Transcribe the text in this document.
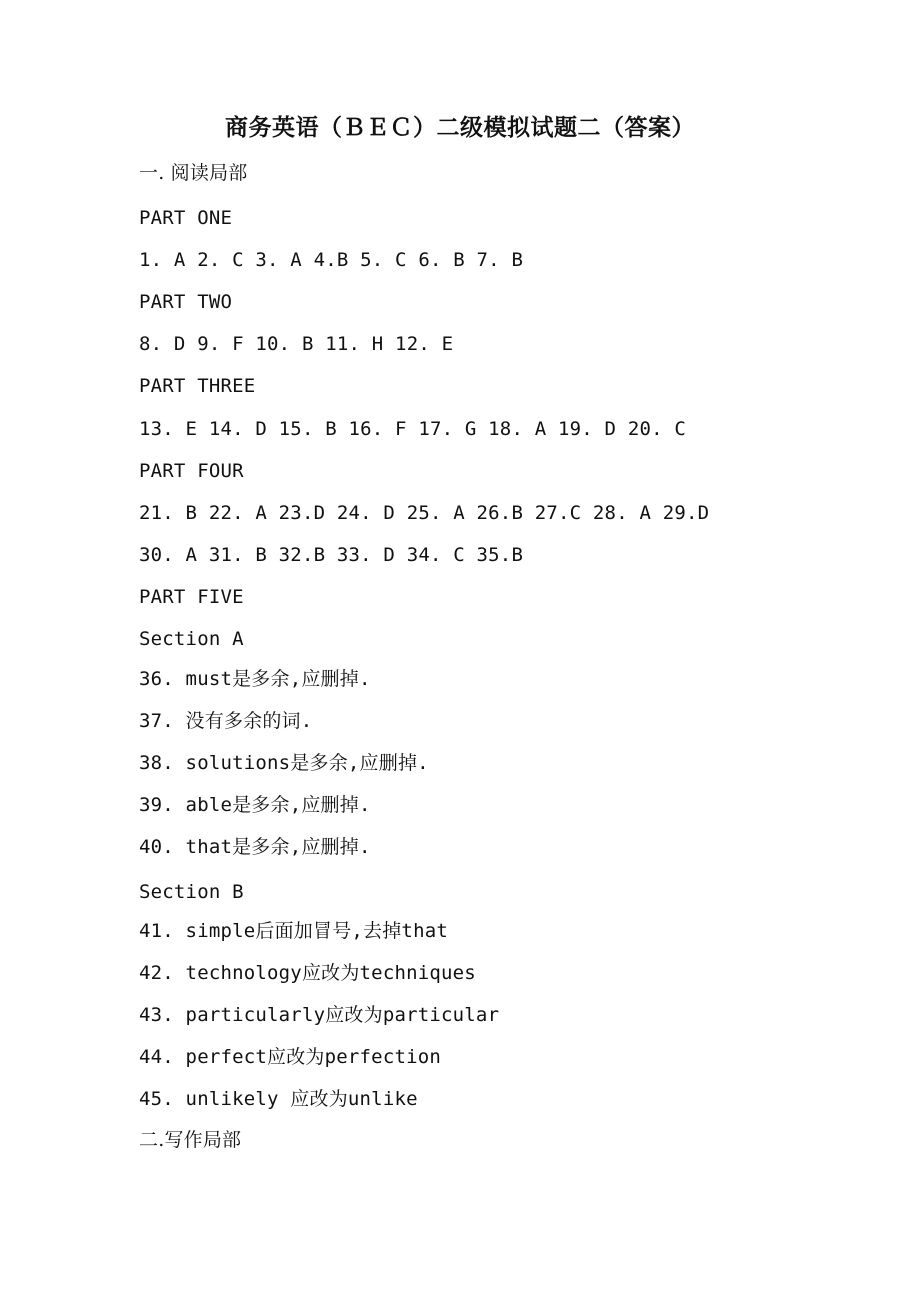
商务英语（ＢＥＣ）二级模拟试题二（答案）
一. 阅读局部
PART ONE
1. A 2. C 3. A 4.B 5. C 6. B 7. B
PART TWO
8. D 9. F 10. B 11. H 12. E
PART THREE
13. E 14. D 15. B 16. F 17. G 18. A 19. D 20. C
PART FOUR
21. B 22. A 23.D 24. D 25. A 26.B 27.C 28. A 29.D
30. A 31. B 32.B 33. D 34. C 35.B
PART FIVE
Section A
36. must是多余,应删掉.
37. 没有多余的词.
38. solutions是多余,应删掉.
39. able是多余,应删掉.
40. that是多余,应删掉.
Section B
41. simple后面加冒号,去掉that
42. technology应改为techniques
43. particularly应改为particular
44. perfect应改为perfection
45. unlikely 应改为unlike
二.写作局部
